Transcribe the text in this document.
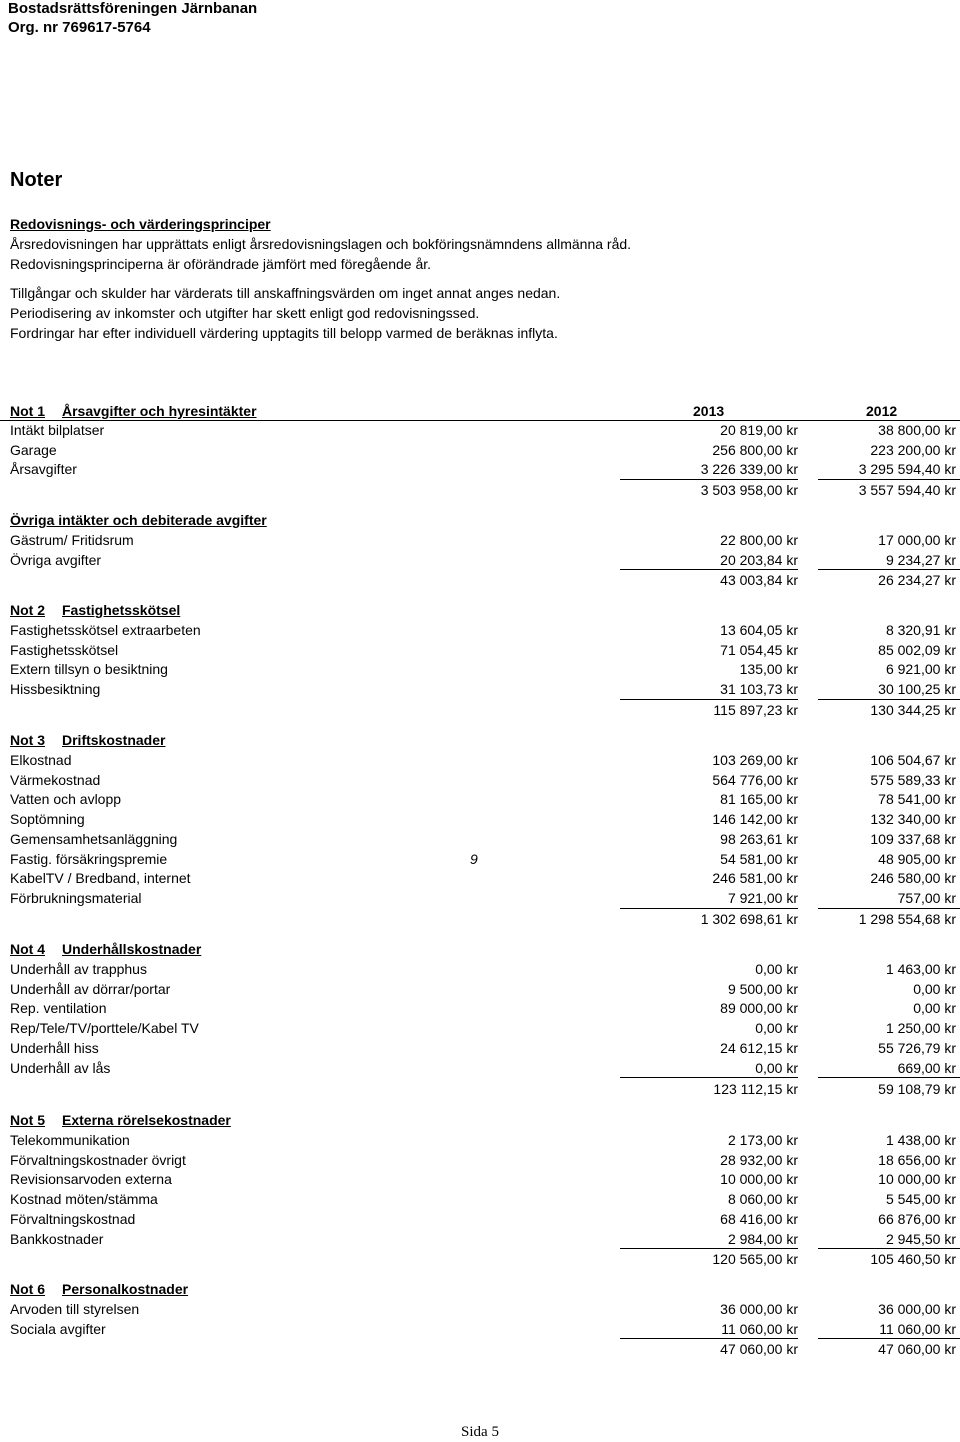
Bostadsrättsföreningen Järnbanan
Org. nr 769617-5764
Noter
Redovisnings- och värderingsprinciper
Årsredovisningen har upprättats enligt årsredovisningslagen och bokföringsnämndens allmänna råd.
Redovisningsprinciperna är oförändrade jämfört med föregående år.
Tillgångar och skulder har värderats till anskaffningsvärden om inget annat anges nedan.
Periodisering av inkomster och utgifter har skett enligt god redovisningssed.
Fordringar har efter individuell värdering upptagits till belopp varmed de beräknas inflyta.
Not 1 Årsavgifter och hyresintäkter	2013	2012
Intäkt bilplatser	20 819,00 kr	38 800,00 kr
Garage	256 800,00 kr	223 200,00 kr
Årsavgifter	3 226 339,00 kr	3 295 594,40 kr
3 503 958,00 kr	3 557 594,40 kr
Övriga intäkter och debiterade avgifter
Gästrum/ Fritidsrum	22 800,00 kr	17 000,00 kr
Övriga avgifter	20 203,84 kr	9 234,27 kr
43 003,84 kr	26 234,27 kr
Not 2 Fastighetsskötsel
Fastighetsskötsel extraarbeten	13 604,05 kr	8 320,91 kr
Fastighetsskötsel	71 054,45 kr	85 002,09 kr
Extern tillsyn o besiktning	135,00 kr	6 921,00 kr
Hissbesiktning	31 103,73 kr	30 100,25 kr
115 897,23 kr	130 344,25 kr
Not 3 Driftskostnader
Elkostnad	103 269,00 kr	106 504,67 kr
Värmekostnad	564 776,00 kr	575 589,33 kr
Vatten och avlopp	81 165,00 kr	78 541,00 kr
Soptömning	146 142,00 kr	132 340,00 kr
Gemensamhetsanläggning	98 263,61 kr	109 337,68 kr
Fastig. försäkringspremie	9	54 581,00 kr	48 905,00 kr
KabelTV / Bredband, internet	246 581,00 kr	246 580,00 kr
Förbrukningsmaterial	7 921,00 kr	757,00 kr
1 302 698,61 kr	1 298 554,68 kr
Not 4 Underhållskostnader
Underhåll av trapphus	0,00 kr	1 463,00 kr
Underhåll av dörrar/portar	9 500,00 kr	0,00 kr
Rep. ventilation	89 000,00 kr	0,00 kr
Rep/Tele/TV/porttele/Kabel TV	0,00 kr	1 250,00 kr
Underhåll hiss	24 612,15 kr	55 726,79 kr
Underhåll av lås	0,00 kr	669,00 kr
123 112,15 kr	59 108,79 kr
Not 5 Externa rörelsekostnader
Telekommunikation	2 173,00 kr	1 438,00 kr
Förvaltningskostnader övrigt	28 932,00 kr	18 656,00 kr
Revisionsarvoden externa	10 000,00 kr	10 000,00 kr
Kostnad möten/stämma	8 060,00 kr	5 545,00 kr
Förvaltningskostnad	68 416,00 kr	66 876,00 kr
Bankkostnader	2 984,00 kr	2 945,50 kr
120 565,00 kr	105 460,50 kr
Not 6 Personalkostnader
Arvoden till styrelsen	36 000,00 kr	36 000,00 kr
Sociala avgifter	11 060,00 kr	11 060,00 kr
47 060,00 kr	47 060,00 kr
Sida 5
